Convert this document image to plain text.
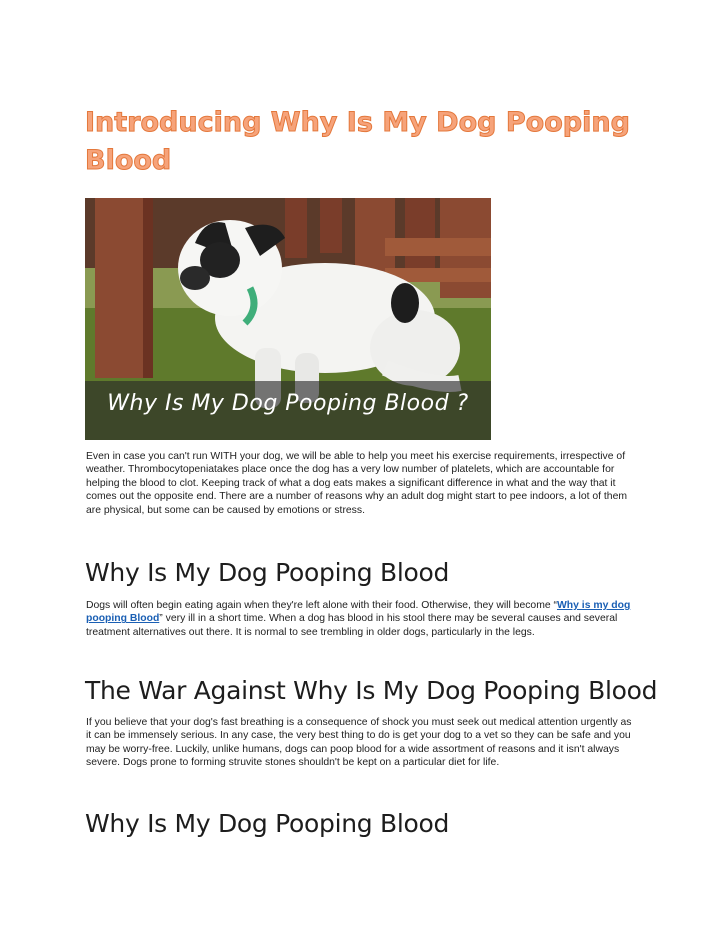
Introducing Why Is My Dog Pooping Blood
Why Is My Dog Pooping Blood ?

Even in case you can't run WITH your dog, we will be able to help you meet his exercise requirements, irrespective of weather. Thrombocytopeniatakes place once the dog has a very low number of platelets, which are accountable for helping the blood to clot. Keeping track of what a dog eats makes a significant difference in what and the way that it comes out the opposite end. There are a number of reasons why an adult dog might start to pee indoors, a lot of them are physical, but some can be caused by emotions or stress.

Why Is My Dog Pooping Blood

Dogs will often begin eating again when they're left alone with their food. Otherwise, they will become “Why is my dog pooping Blood” very ill in a short time. When a dog has blood in his stool there may be several causes and several treatment alternatives out there. It is normal to see trembling in older dogs, particularly in the legs.

The War Against Why Is My Dog Pooping Blood

If you believe that your dog's fast breathing is a consequence of shock you must seek out medical attention urgently as it can be immensely serious. In any case, the very best thing to do is get your dog to a vet so they can be safe and you may be worry-free. Luckily, unlike humans, dogs can poop blood for a wide assortment of reasons and it isn't always severe. Dogs prone to forming struvite stones shouldn't be kept on a particular diet for life.

Why Is My Dog Pooping Blood
